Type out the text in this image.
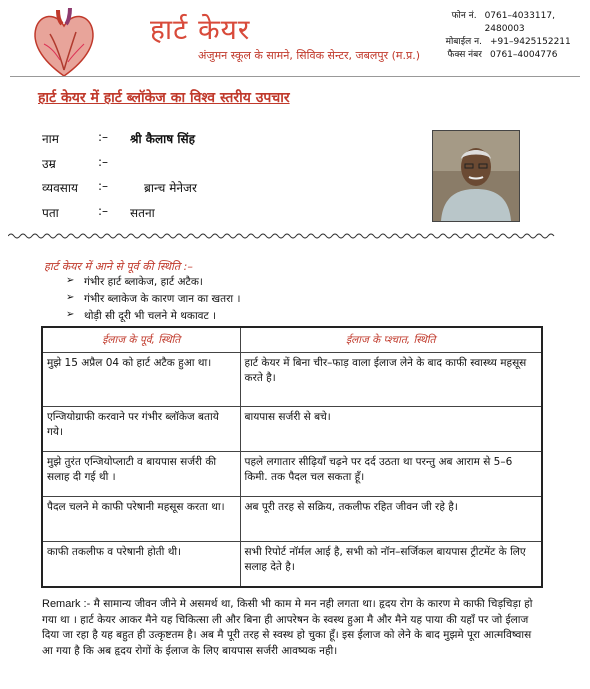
हार्ट केयर
अंजुमन स्कूल के सामने, सिविक सेन्टर, जबलपुर (म.प्र.)
फोन नं. 0761–4033117, 2480003
मोबाईल न. +91–9425152211
फैक्स नंबर 0761–4004776
हार्ट केयर में हार्ट ब्लॉकेज का विश्व स्तरीय उपचार
नाम	:–	श्री कैलाष सिंह
उम्र	:–
व्यवसाय	:–	ब्रान्च मेनेजर
पता	:–	सतना
हार्ट केयर में आने से पूर्व की स्थिति :–
➢ गंभीर हार्ट ब्लाकेज, हार्ट अटैक।
➢ गंभीर ब्लाकेज के कारण जान का खतरा ।
➢ थोड़ी सी दूरी भी चलने मे थकावट ।
ईलाज के पूर्व, स्थिति	ईलाज के प्श्चात, स्थिति
मुझे 15 अप्रैल 04 को हार्ट अटैक हुआ था।	हार्ट केयर में बिना चीर–फाड़ वाला ईलाज लेने के बाद काफी स्वास्थ्य महसूस करते है।
एन्जियोग्राफी करवाने पर गंभीर ब्लॉकेज बताये गये।	बायपास सर्जरी से बचे।
मुझे तुरंत एन्जियोप्लाटी व बायपास सर्जरी की सलाह दी गई थी ।	पहले लगातार सीढ़ियाँ चढ़ने पर दर्द उठता था परन्तु अब आराम से 5–6 किमी. तक पैदल चल सकता हूँ।
पैदल चलने मे काफी परेषानी महसूस करता था।	अब पूरी तरह से सक्रिय, तकलीफ रहित जीवन जी रहे है।
काफी तकलीफ व परेषानी होती थी।	सभी रिपोर्ट नॉर्मल आई है, सभी को नॉन–सर्जिकल बायपास ट्रीटमेंट के लिए सलाह देते है।
Remark :- मै सामान्य जीवन जीने मे असमर्थ था, किसी भी काम मे मन नही लगता था। हृदय रोग के कारण मे काफी चिड़चिड़ा हो गया था । हार्ट केयर आकर मैने यह चिकित्सा ली और बिना ही आपरेषन के स्वस्थ हुआ मै और मैने यह पाया की यहाँ पर जो ईलाज दिया जा रहा है यह बहुत ही उत्कृष्टतम है। अब मै पूरी तरह से स्वस्थ हो चुका हूँ। इस ईलाज को लेने के बाद मुझमे पूरा आत्मविष्वास आ गया है कि अब हृदय रोगों के ईलाज के लिए बायपास सर्जरी आवष्यक नही।
